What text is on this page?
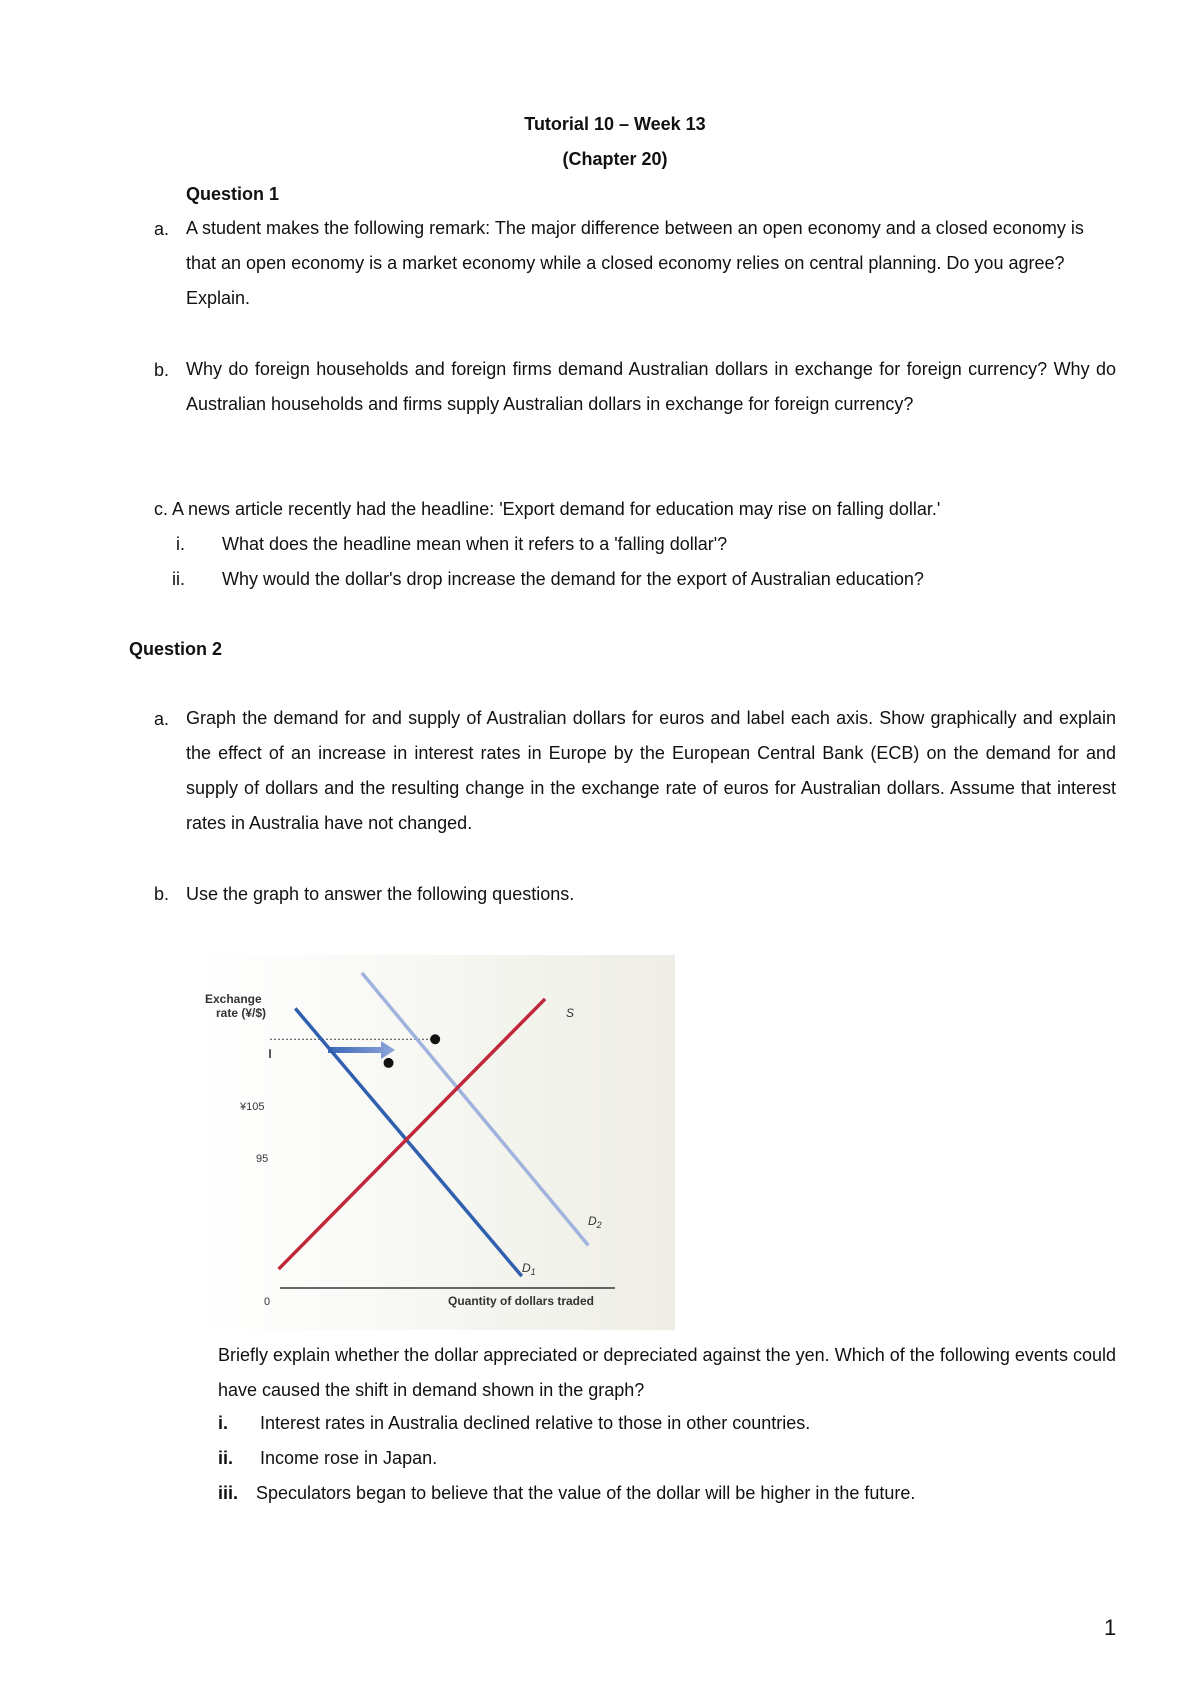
Tutorial 10 – Week 13
(Chapter 20)
Question 1
a. A student makes the following remark: The major difference between an open economy and a closed economy is that an open economy is a market economy while a closed economy relies on central planning. Do you agree? Explain.
b. Why do foreign households and foreign firms demand Australian dollars in exchange for foreign currency? Why do Australian households and firms supply Australian dollars in exchange for foreign currency?
c. A news article recently had the headline: 'Export demand for education may rise on falling dollar.'
i. What does the headline mean when it refers to a 'falling dollar'?
ii. Why would the dollar's drop increase the demand for the export of Australian education?
Question 2
a. Graph the demand for and supply of Australian dollars for euros and label each axis. Show graphically and explain the effect of an increase in interest rates in Europe by the European Central Bank (ECB) on the demand for and supply of dollars and the resulting change in the exchange rate of euros for Australian dollars. Assume that interest rates in Australia have not changed.
b. Use the graph to answer the following questions.
Exchange
rate (¥/$)
¥105
95
0	Quantity of dollars traded
S
$D_2$
$D_1$
Briefly explain whether the dollar appreciated or depreciated against the yen. Which of the following events could have caused the shift in demand shown in the graph?
i. Interest rates in Australia declined relative to those in other countries.
ii. Income rose in Japan.
iii. Speculators began to believe that the value of the dollar will be higher in the future.
1
